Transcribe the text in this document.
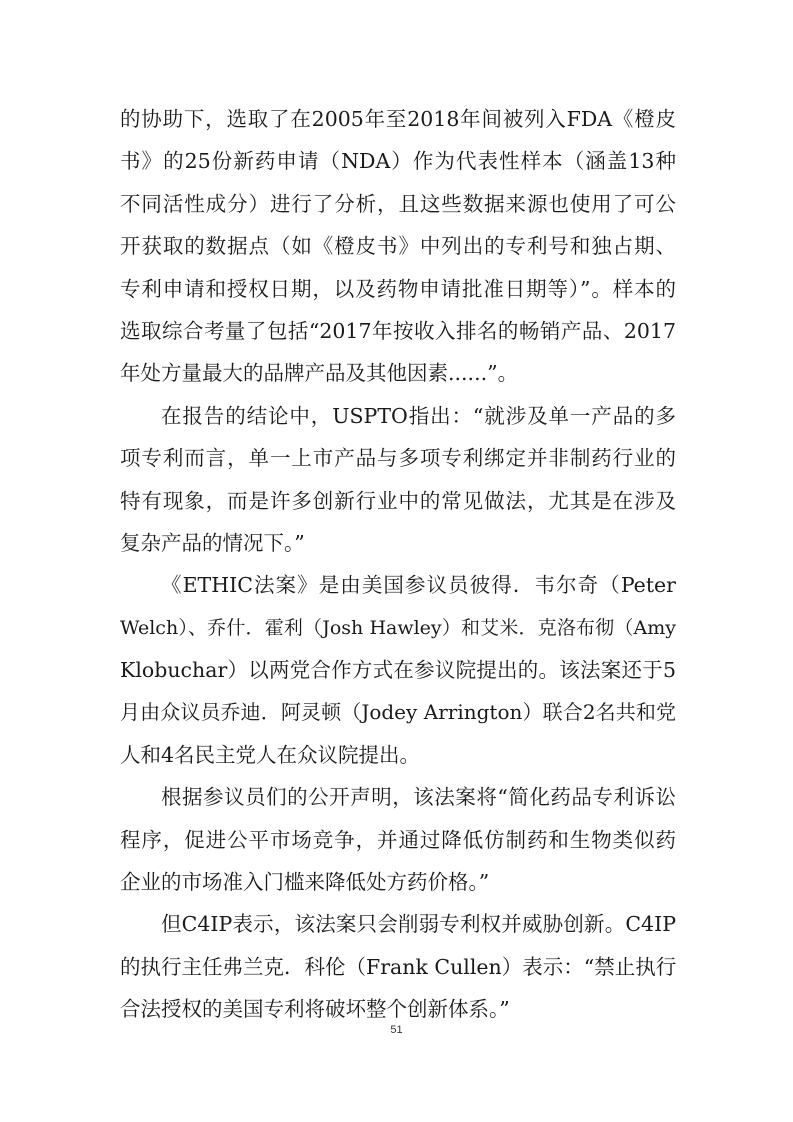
的协助下，选取了在2005年至2018年间被列入FDA《橙皮
书》的25份新药申请（NDA）作为代表性样本（涵盖13种
不同活性成分）进行了分析，且这些数据来源也使用了可公
开获取的数据点（如《橙皮书》中列出的专利号和独占期、
专利申请和授权日期，以及药物申请批准日期等）”。样本的
选取综合考量了包括“2017年按收入排名的畅销产品、2017
年处方量最大的品牌产品及其他因素......”。
在报告的结论中，USPTO指出：“就涉及单一产品的多
项专利而言，单一上市产品与多项专利绑定并非制药行业的
特有现象，而是许多创新行业中的常见做法，尤其是在涉及
复杂产品的情况下。”
《ETHIC法案》是由美国参议员彼得．韦尔奇（Peter
Welch）、乔什．霍利（Josh Hawley）和艾米．克洛布彻（Amy
Klobuchar）以两党合作方式在参议院提出的。该法案还于5
月由众议员乔迪．阿灵顿（Jodey Arrington）联合2名共和党
人和4名民主党人在众议院提出。
根据参议员们的公开声明，该法案将“简化药品专利诉讼
程序，促进公平市场竞争，并通过降低仿制药和生物类似药
企业的市场准入门槛来降低处方药价格。”
但C4IP表示，该法案只会削弱专利权并威胁创新。C4IP
的执行主任弗兰克．科伦（Frank Cullen）表示：“禁止执行
合法授权的美国专利将破坏整个创新体系。”
51
